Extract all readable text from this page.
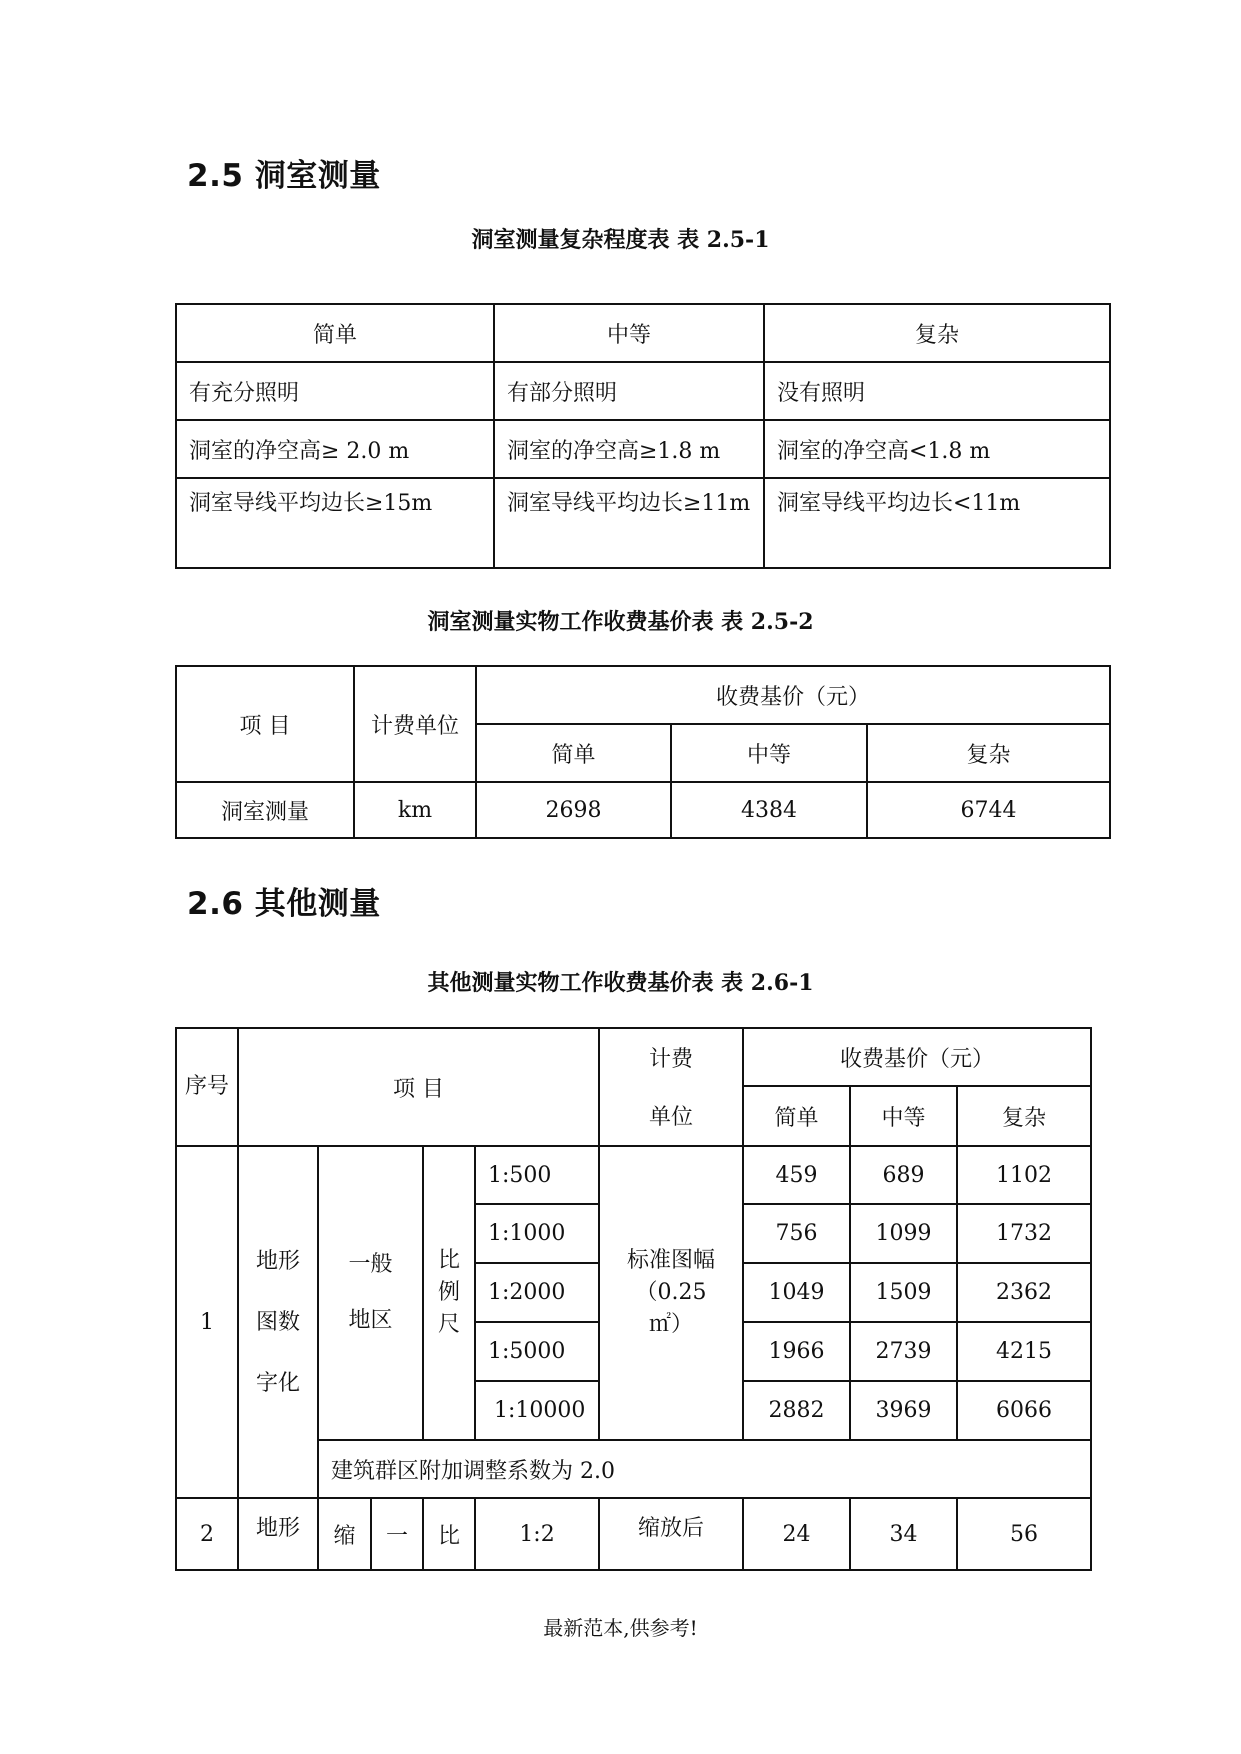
2.5 洞室测量
洞室测量复杂程度表 表 2.5-1
简单	中等	复杂
有充分照明	有部分照明	没有照明
洞室的净空高≥ 2.0 m	洞室的净空高≥1.8 m	洞室的净空高<1.8 m
洞室导线平均边长≥15m	洞室导线平均边长≥11m	洞室导线平均边长<11m
洞室测量实物工作收费基价表 表 2.5-2
项 目	计费单位	收费基价（元）		
		简单	中等	复杂
洞室测量	km	2698	4384	6744
2.6 其他测量
其他测量实物工作收费基价表 表 2.6-1
序号	项 目					计费	收费基价（元）		
						单位	简单	中等	复杂
1	地形图数字化	一般地区		比例尺	1:500	标准图幅（0.25㎡）	459	689	1102
					1:1000		756	1099	1732
					1:2000		1049	1509	2362
					1:5000		1966	2739	4215
					1:10000		2882	3969	6066
		建筑群区附加调整系数为 2.0							
2	地形	缩	一	比	1:2	缩放后	24	34	56
最新范本,供参考!
